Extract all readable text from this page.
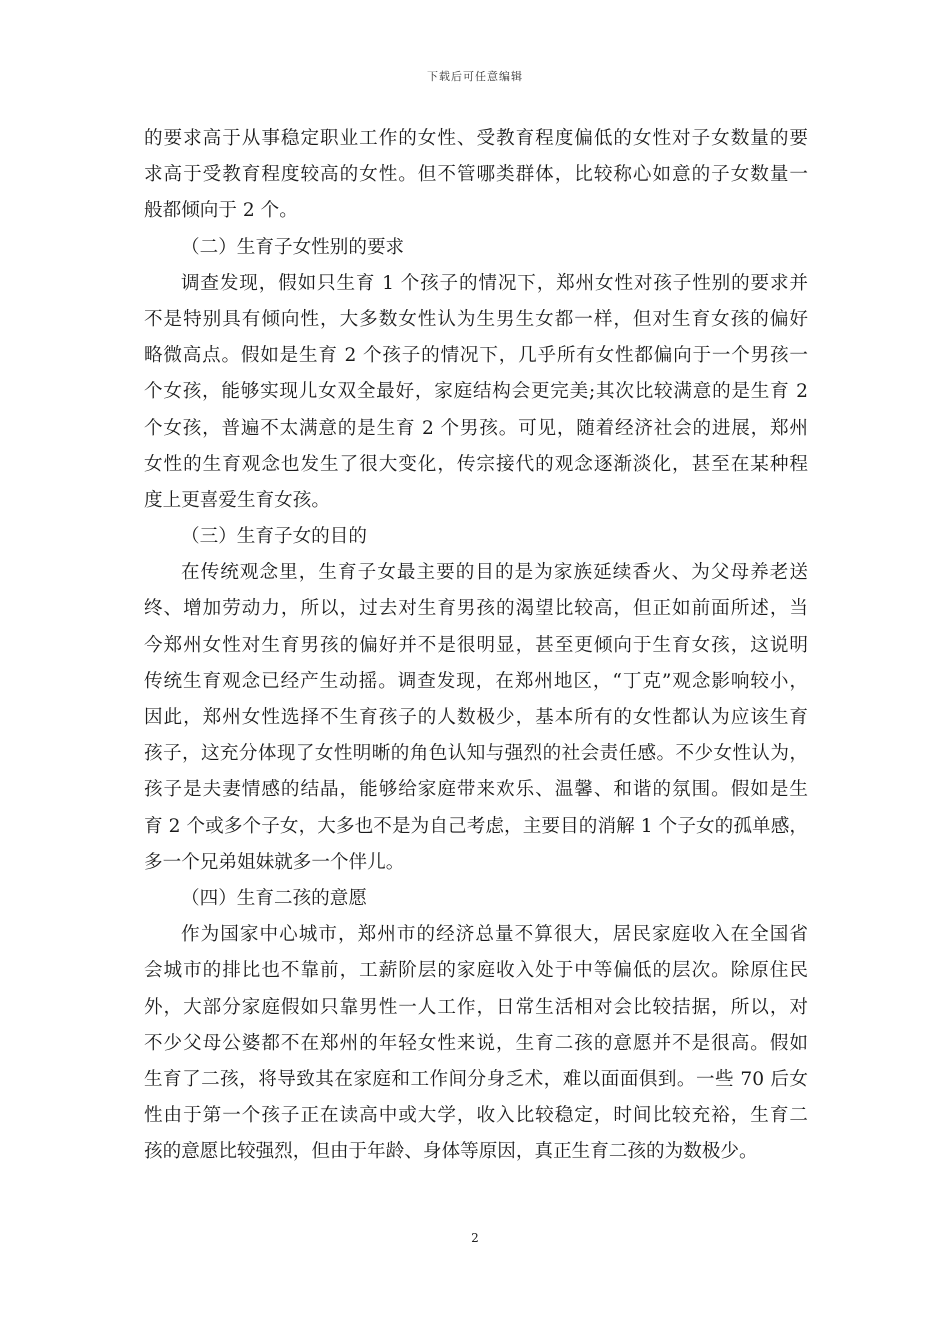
下载后可任意编辑
的要求高于从事稳定职业工作的女性、受教育程度偏低的女性对子女数量的要
求高于受教育程度较高的女性。但不管哪类群体，比较称心如意的子女数量一
般都倾向于 2 个。
（二）生育子女性别的要求
调查发现，假如只生育 1 个孩子的情况下，郑州女性对孩子性别的要求并
不是特别具有倾向性，大多数女性认为生男生女都一样，但对生育女孩的偏好
略微高点。假如是生育 2 个孩子的情况下，几乎所有女性都偏向于一个男孩一
个女孩，能够实现儿女双全最好，家庭结构会更完美;其次比较满意的是生育 2
个女孩，普遍不太满意的是生育 2 个男孩。可见，随着经济社会的进展，郑州
女性的生育观念也发生了很大变化，传宗接代的观念逐渐淡化，甚至在某种程
度上更喜爱生育女孩。
（三）生育子女的目的
在传统观念里，生育子女最主要的目的是为家族延续香火、为父母养老送
终、增加劳动力，所以，过去对生育男孩的渴望比较高，但正如前面所述，当
今郑州女性对生育男孩的偏好并不是很明显，甚至更倾向于生育女孩，这说明
传统生育观念已经产生动摇。调查发现，在郑州地区，“丁克”观念影响较小，
因此，郑州女性选择不生育孩子的人数极少，基本所有的女性都认为应该生育
孩子，这充分体现了女性明晰的角色认知与强烈的社会责任感。不少女性认为，
孩子是夫妻情感的结晶，能够给家庭带来欢乐、温馨、和谐的氛围。假如是生
育 2 个或多个子女，大多也不是为自己考虑，主要目的消解 1 个子女的孤单感，
多一个兄弟姐妹就多一个伴儿。
（四）生育二孩的意愿
作为国家中心城市，郑州市的经济总量不算很大，居民家庭收入在全国省
会城市的排比也不靠前，工薪阶层的家庭收入处于中等偏低的层次。除原住民
外，大部分家庭假如只靠男性一人工作，日常生活相对会比较拮据，所以，对
不少父母公婆都不在郑州的年轻女性来说，生育二孩的意愿并不是很高。假如
生育了二孩，将导致其在家庭和工作间分身乏术，难以面面俱到。一些 70 后女
性由于第一个孩子正在读高中或大学，收入比较稳定，时间比较充裕，生育二
孩的意愿比较强烈，但由于年龄、身体等原因，真正生育二孩的为数极少。
2
